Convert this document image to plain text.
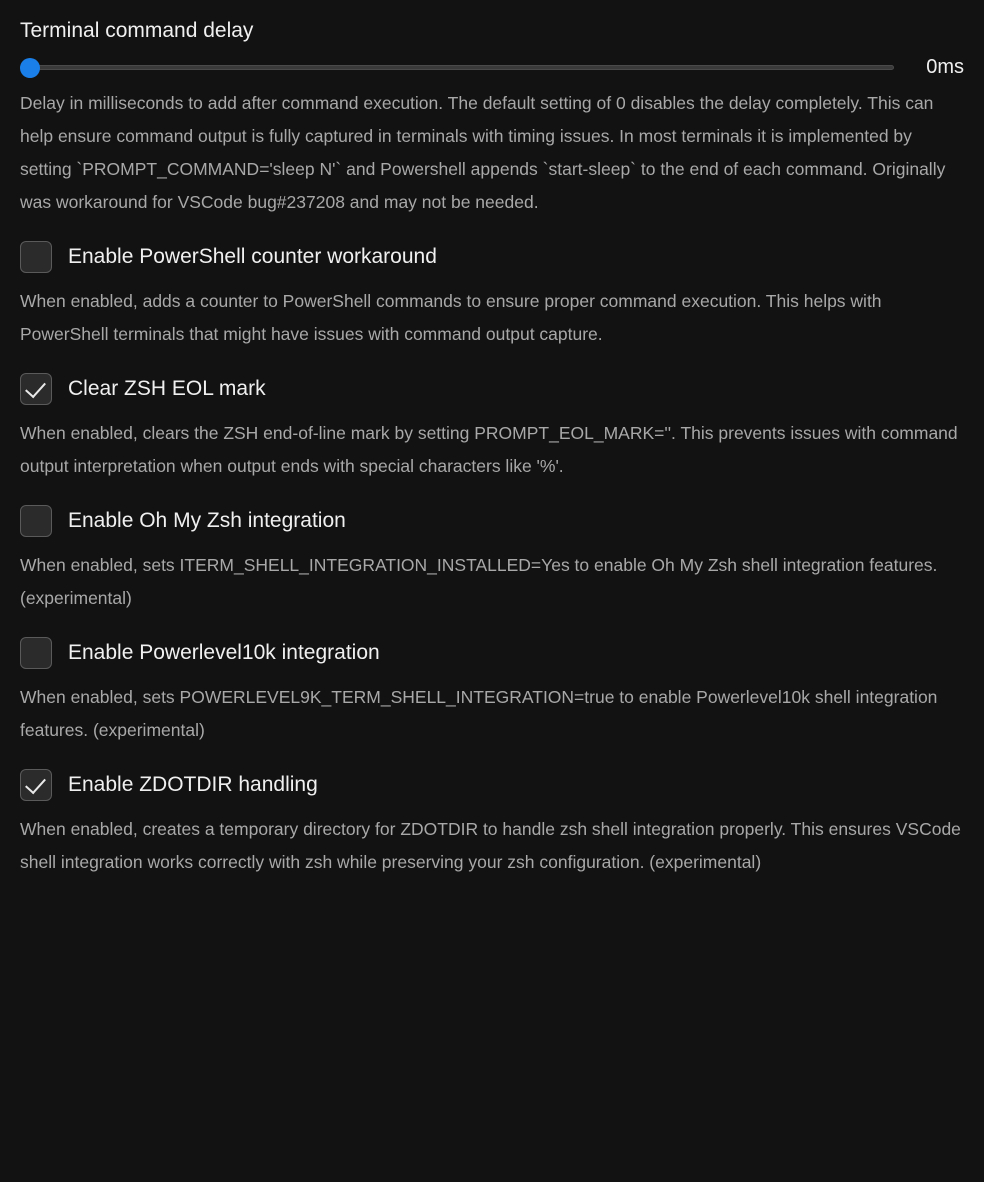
Terminal command delay
0ms

Delay in milliseconds to add after command execution. The default setting of 0 disables the delay completely. This can help ensure command output is fully captured in terminals with timing issues. In most terminals it is implemented by setting `PROMPT_COMMAND='sleep N'` and Powershell appends `start-sleep` to the end of each command. Originally was workaround for VSCode bug#237208 and may not be needed.

Enable PowerShell counter workaround

When enabled, adds a counter to PowerShell commands to ensure proper command execution. This helps with PowerShell terminals that might have issues with command output capture.

Clear ZSH EOL mark

When enabled, clears the ZSH end-of-line mark by setting PROMPT_EOL_MARK=''. This prevents issues with command output interpretation when output ends with special characters like '%'.

Enable Oh My Zsh integration

When enabled, sets ITERM_SHELL_INTEGRATION_INSTALLED=Yes to enable Oh My Zsh shell integration features. (experimental)

Enable Powerlevel10k integration

When enabled, sets POWERLEVEL9K_TERM_SHELL_INTEGRATION=true to enable Powerlevel10k shell integration features. (experimental)

Enable ZDOTDIR handling

When enabled, creates a temporary directory for ZDOTDIR to handle zsh shell integration properly. This ensures VSCode shell integration works correctly with zsh while preserving your zsh configuration. (experimental)
